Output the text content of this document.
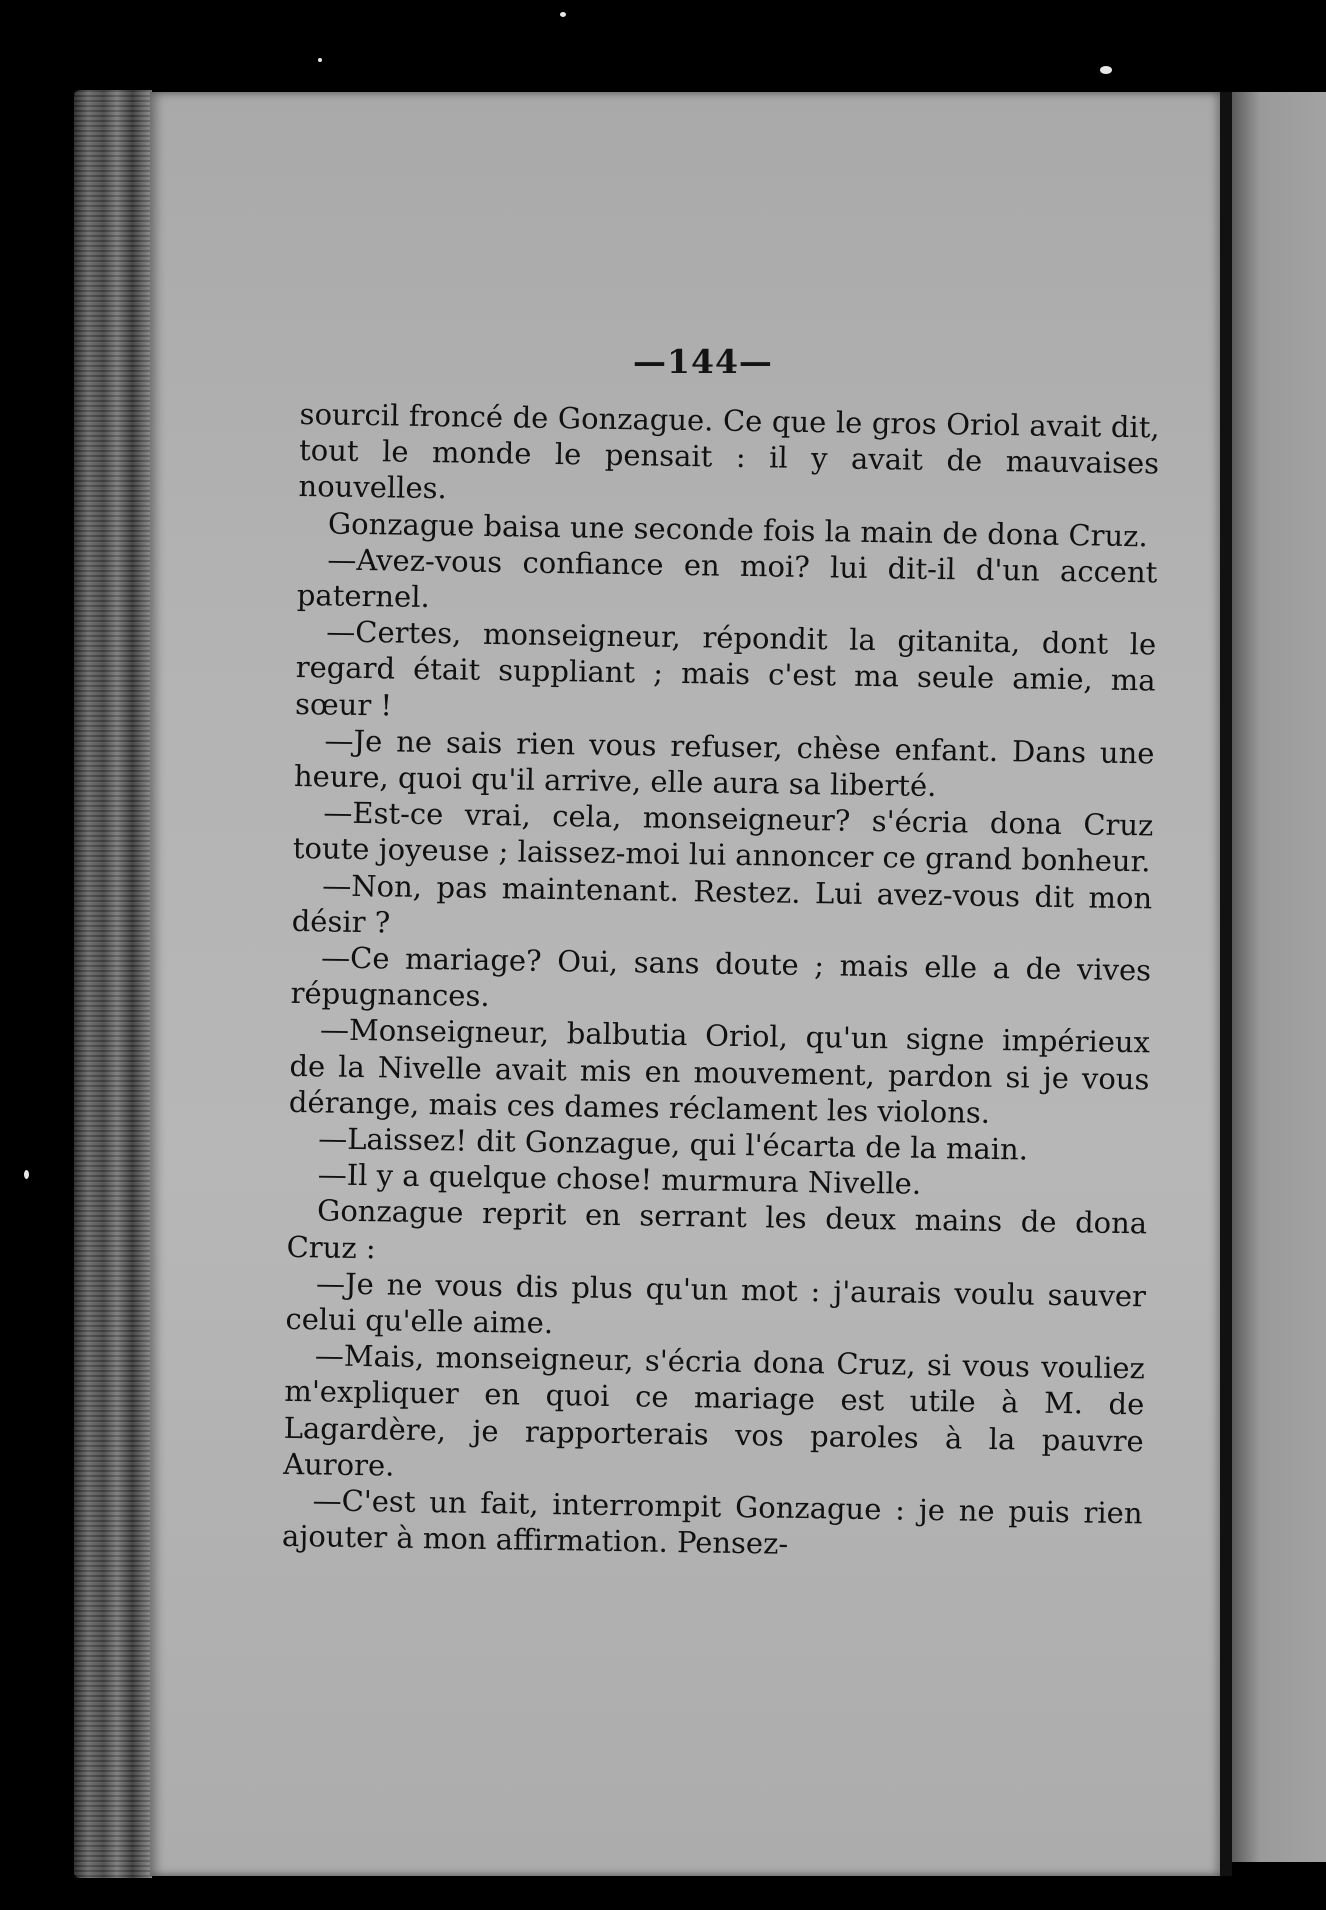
—144—

sourcil froncé de Gonzague. Ce que le gros Oriol avait dit, tout le monde le pensait : il y avait de mauvaises nouvelles.

Gonzague baisa une seconde fois la main de dona Cruz.

—Avez-vous confiance en moi? lui dit-il d'un accent paternel.

—Certes, monseigneur, répondit la gitanita, dont le regard était suppliant ; mais c'est ma seule amie, ma sœur !

—Je ne sais rien vous refuser, chèse enfant. Dans une heure, quoi qu'il arrive, elle aura sa liberté.

—Est-ce vrai, cela, monseigneur? s'écria dona Cruz toute joyeuse ; laissez-moi lui annoncer ce grand bonheur.

—Non, pas maintenant. Restez. Lui avez-vous dit mon désir ?

—Ce mariage? Oui, sans doute ; mais elle a de vives répugnances.

—Monseigneur, balbutia Oriol, qu'un signe impérieux de la Nivelle avait mis en mouvement, pardon si je vous dérange, mais ces dames réclament les violons.

—Laissez! dit Gonzague, qui l'écarta de la main.

—Il y a quelque chose! murmura Nivelle.

Gonzague reprit en serrant les deux mains de dona Cruz :

—Je ne vous dis plus qu'un mot : j'aurais voulu sauver celui qu'elle aime.

—Mais, monseigneur, s'écria dona Cruz, si vous vouliez m'expliquer en quoi ce mariage est utile à M. de Lagardère, je rapporterais vos paroles à la pauvre Aurore.

—C'est un fait, interrompit Gonzague : je ne puis rien ajouter à mon affirmation. Pensez-
